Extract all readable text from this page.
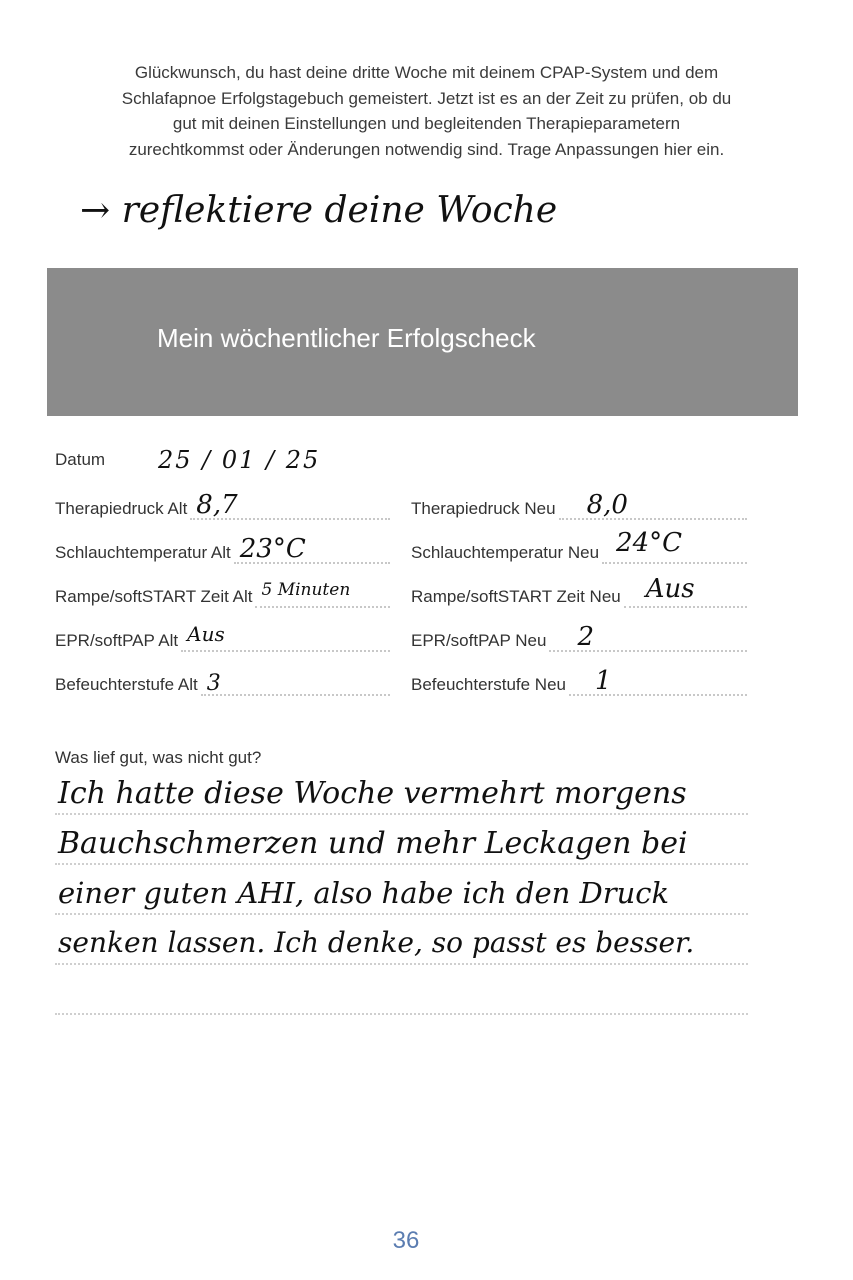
Glückwunsch, du hast deine dritte Woche mit deinem CPAP-System und dem
Schlafapnoe Erfolgstagebuch gemeistert. Jetzt ist es an der Zeit zu prüfen, ob du
gut mit deinen Einstellungen und begleitenden Therapieparametern
zurechtkommst oder Änderungen notwendig sind. Trage Anpassungen hier ein.
→ reflektiere deine Woche
Mein wöchentlicher Erfolgscheck
Datum 25 / 01 / 25
Therapiedruck Alt 8,7
Schlauchtemperatur Alt 23°C
Rampe/softSTART Zeit Alt 5 Minuten
EPR/softPAP Alt Aus
Befeuchterstufe Alt 3
Therapiedruck Neu 8,0
Schlauchtemperatur Neu 24°C
Rampe/softSTART Zeit Neu Aus
EPR/softPAP Neu 2
Befeuchterstufe Neu 1
Was lief gut, was nicht gut?
Ich hatte diese Woche vermehrt morgens
Bauchschmerzen und mehr Leckagen bei
einer guten AHI, also habe ich den Druck
senken lassen. Ich denke, so passt es besser.
36
